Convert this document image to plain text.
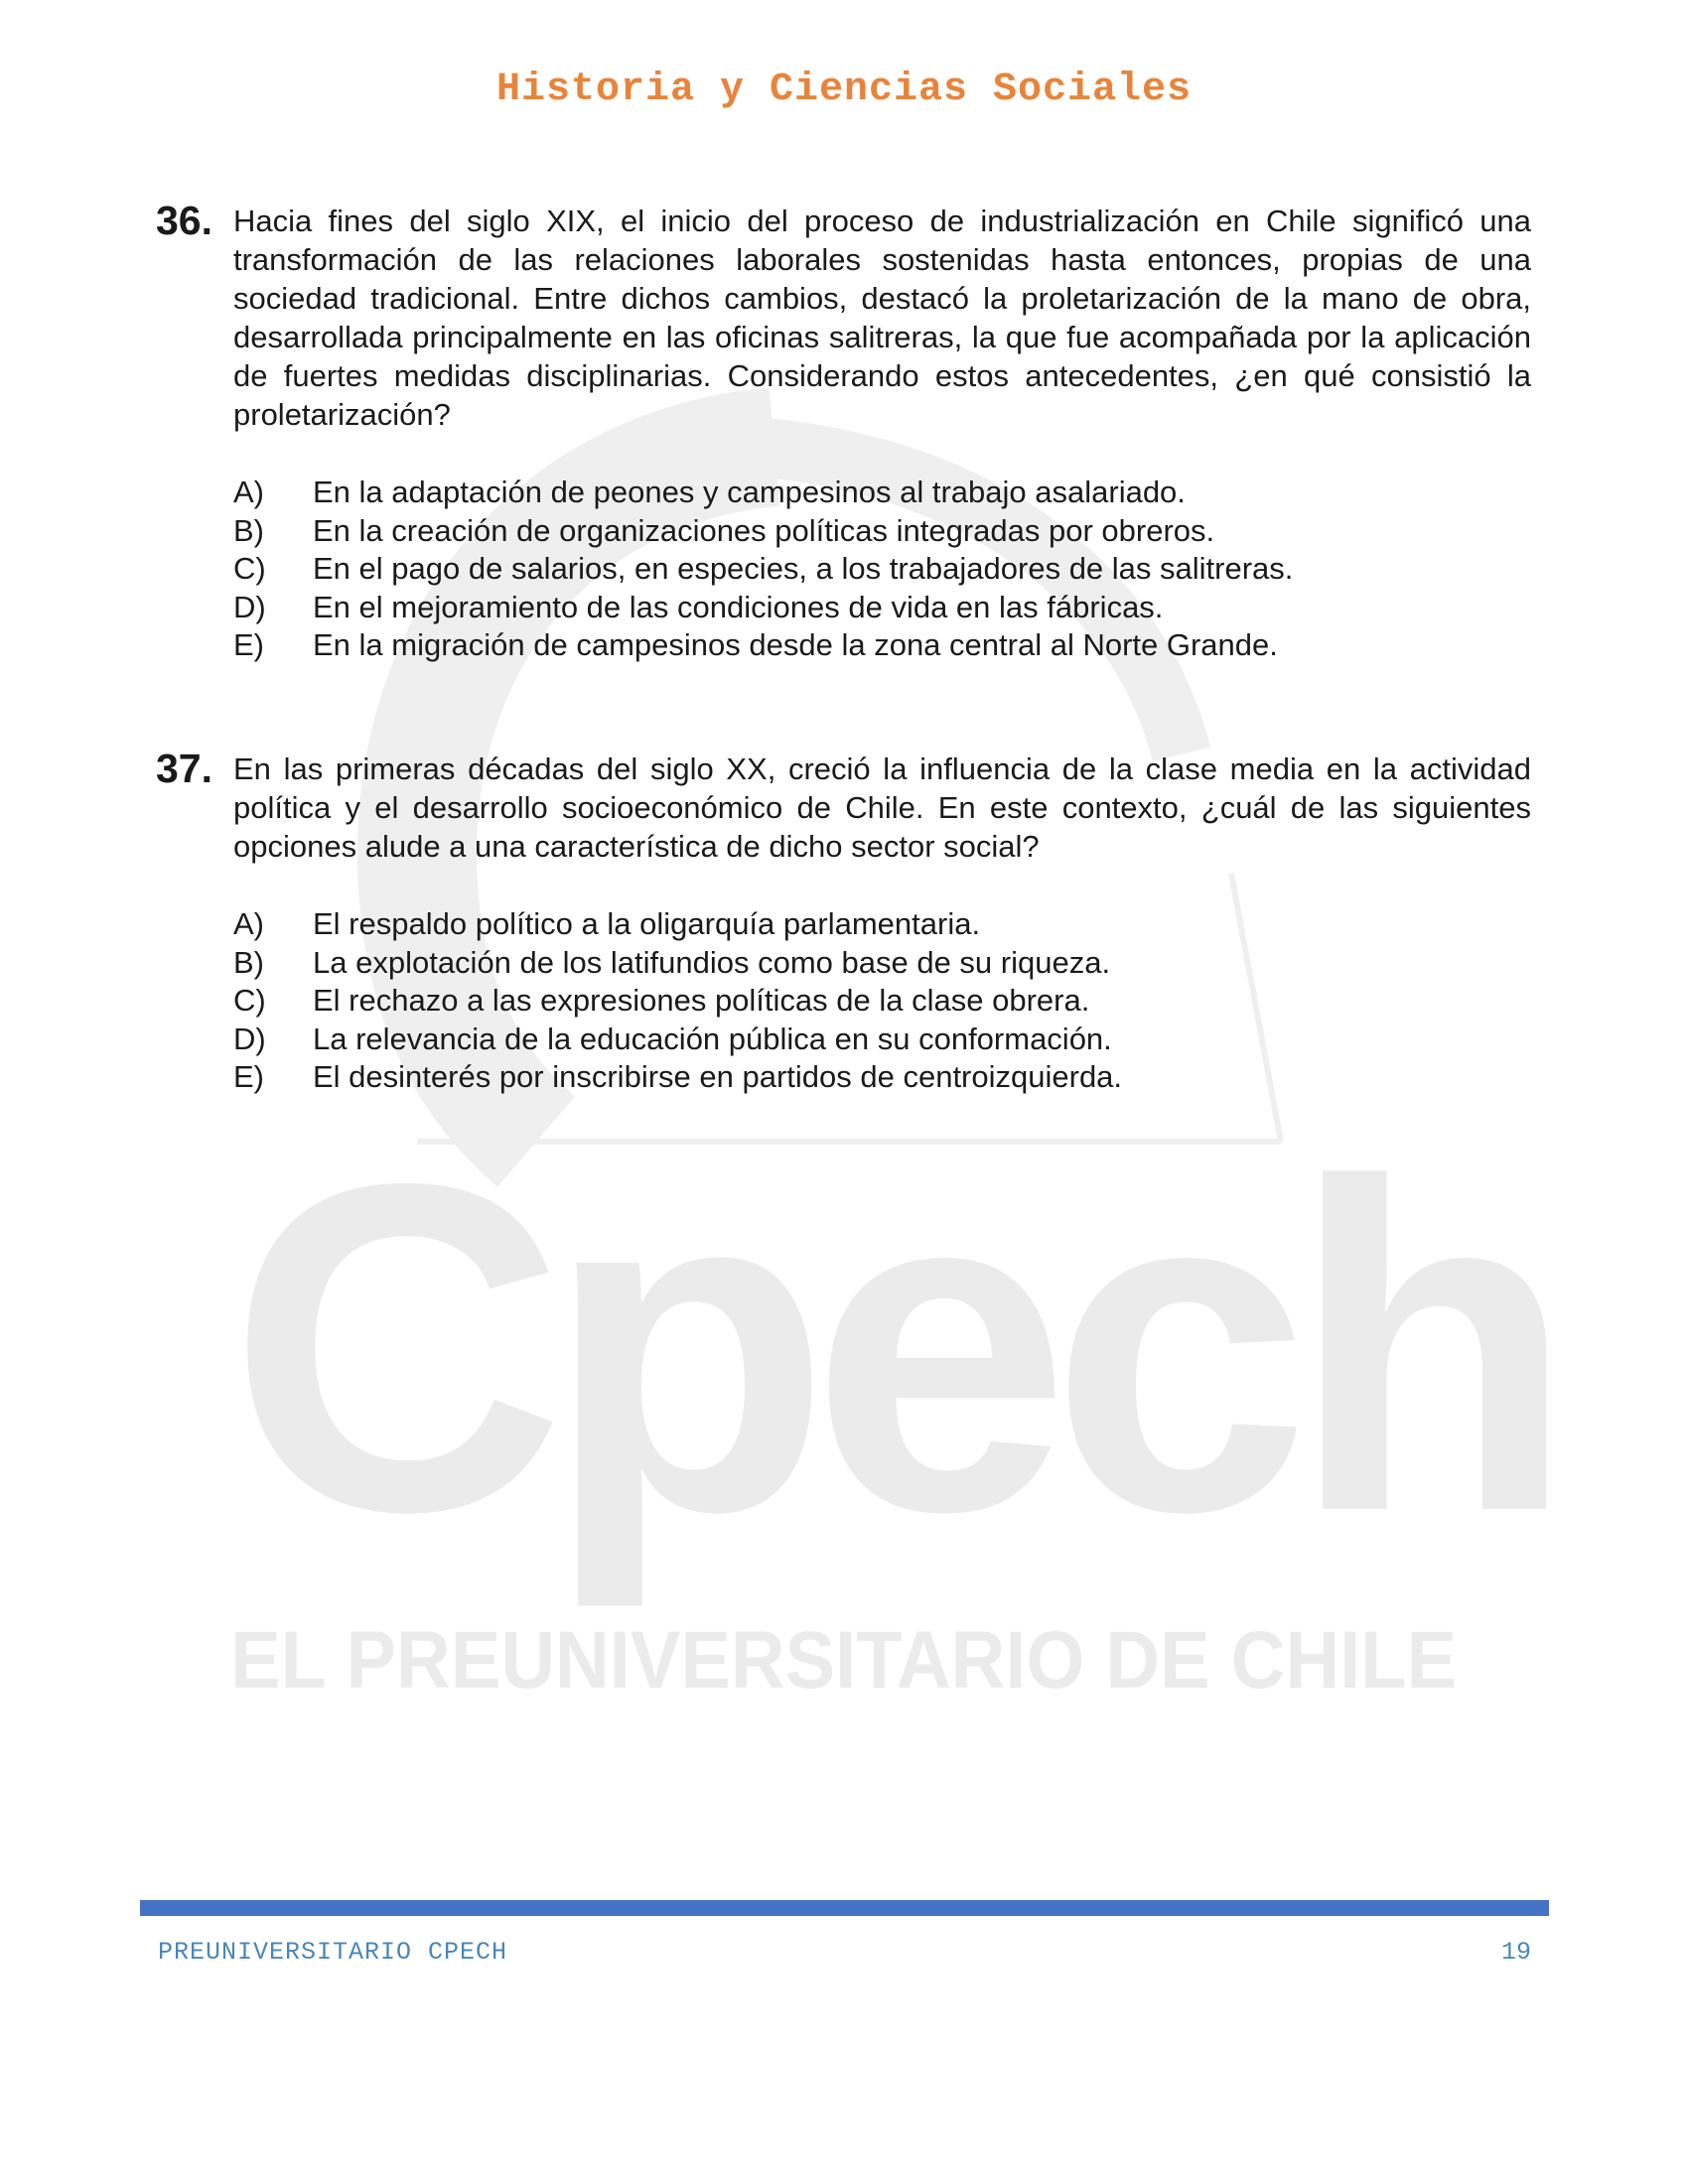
Cpech
EL PREUNIVERSITARIO DE CHILE
Historia y Ciencias Sociales
36. Hacia fines del siglo XIX, el inicio del proceso de industrialización en Chile significó una transformación de las relaciones laborales sostenidas hasta entonces, propias de una sociedad tradicional. Entre dichos cambios, destacó la proletarización de la mano de obra, desarrollada principalmente en las oficinas salitreras, la que fue acompañada por la aplicación de fuertes medidas disciplinarias. Considerando estos antecedentes, ¿en qué consistió la proletarización?
A)	En la adaptación de peones y campesinos al trabajo asalariado.
B)	En la creación de organizaciones políticas integradas por obreros.
C)	En el pago de salarios, en especies, a los trabajadores de las salitreras.
D)	En el mejoramiento de las condiciones de vida en las fábricas.
E)	En la migración de campesinos desde la zona central al Norte Grande.
37. En las primeras décadas del siglo XX, creció la influencia de la clase media en la actividad política y el desarrollo socioeconómico de Chile. En este contexto, ¿cuál de las siguientes opciones alude a una característica de dicho sector social?
A)	El respaldo político a la oligarquía parlamentaria.
B)	La explotación de los latifundios como base de su riqueza.
C)	El rechazo a las expresiones políticas de la clase obrera.
D)	La relevancia de la educación pública en su conformación.
E)	El desinterés por inscribirse en partidos de centroizquierda.
PREUNIVERSITARIO CPECH	19
